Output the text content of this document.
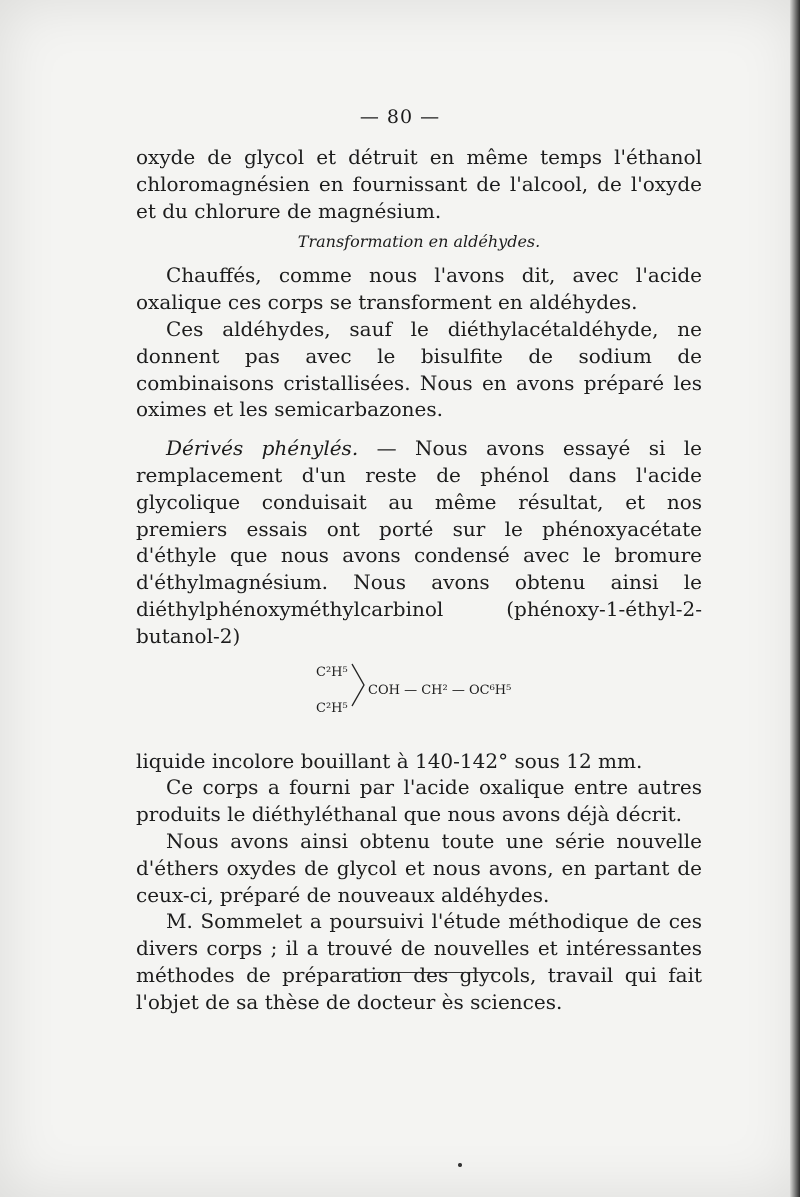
— 80 —

oxyde de glycol et détruit en même temps l'éthanol chloromagnésien en fournissant de l'alcool, de l'oxyde et du chlorure de magnésium.

Transformation en aldéhydes.

Chauffés, comme nous l'avons dit, avec l'acide oxalique ces corps se transforment en aldéhydes.

Ces aldéhydes, sauf le diéthylacétaldéhyde, ne donnent pas avec le bisulfite de sodium de combinaisons cristallisées. Nous en avons préparé les oximes et les semicarbazones.

Dérivés phénylés. — Nous avons essayé si le remplacement d'un reste de phénol dans l'acide glycolique conduisait au même résultat, et nos premiers essais ont porté sur le phénoxyacétate d'éthyle que nous avons condensé avec le bromure d'éthylmagnésium. Nous avons obtenu ainsi le diéthylphénoxyméthylcarbinol (phénoxy-1-éthyl-2-butanol-2)

C²H⁵
C²H⁵
COH — CH² — OC⁶H⁵

liquide incolore bouillant à 140-142° sous 12 mm.

Ce corps a fourni par l'acide oxalique entre autres produits le diéthyléthanal que nous avons déjà décrit.

Nous avons ainsi obtenu toute une série nouvelle d'éthers oxydes de glycol et nous avons, en partant de ceux-ci, préparé de nouveaux aldéhydes.

M. Sommelet a poursuivi l'étude méthodique de ces divers corps ; il a trouvé de nouvelles et intéressantes méthodes de préparation des glycols, travail qui fait l'objet de sa thèse de docteur ès sciences.
